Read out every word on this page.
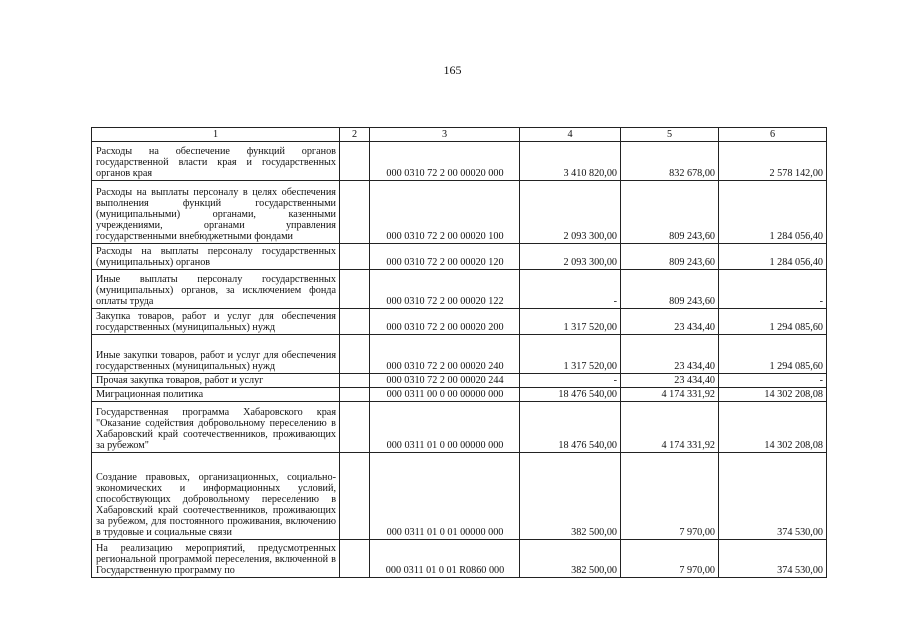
165
1	2	3	4	5	6
Расходы на обеспечение функций органов государственной власти края и государственных органов края		000 0310 72 2 00 00020 000	3 410 820,00	832 678,00	2 578 142,00
Расходы на выплаты персоналу в целях обеспечения выполнения функций государственными (муниципальными) органами, казенными учреждениями, органами управления государственными внебюджетными фондами		000 0310 72 2 00 00020 100	2 093 300,00	809 243,60	1 284 056,40
Расходы на выплаты персоналу государственных (муниципальных) органов		000 0310 72 2 00 00020 120	2 093 300,00	809 243,60	1 284 056,40
Иные выплаты персоналу государственных (муниципальных) органов, за исключением фонда оплаты труда		000 0310 72 2 00 00020 122	-	809 243,60	-
Закупка товаров, работ и услуг для обеспечения государственных (муниципальных) нужд		000 0310 72 2 00 00020 200	1 317 520,00	23 434,40	1 294 085,60
Иные закупки товаров, работ и услуг для обеспечения государственных (муниципальных) нужд		000 0310 72 2 00 00020 240	1 317 520,00	23 434,40	1 294 085,60
Прочая закупка товаров, работ и услуг		000 0310 72 2 00 00020 244	-	23 434,40	-
Миграционная политика		000 0311 00 0 00 00000 000	18 476 540,00	4 174 331,92	14 302 208,08
Государственная программа Хабаровского края "Оказание содействия добровольному переселению в Хабаровский край соотечественников, проживающих за рубежом"		000 0311 01 0 00 00000 000	18 476 540,00	4 174 331,92	14 302 208,08
Создание правовых, организационных, социально-экономических и информационных условий, способствующих добровольному переселению в Хабаровский край соотечественников, проживающих за рубежом, для постоянного проживания, включению в трудовые и социальные связи		000 0311 01 0 01 00000 000	382 500,00	7 970,00	374 530,00
На реализацию мероприятий, предусмотренных региональной программой переселения, включенной в Государственную программу по		000 0311 01 0 01 R0860 000	382 500,00	7 970,00	374 530,00
